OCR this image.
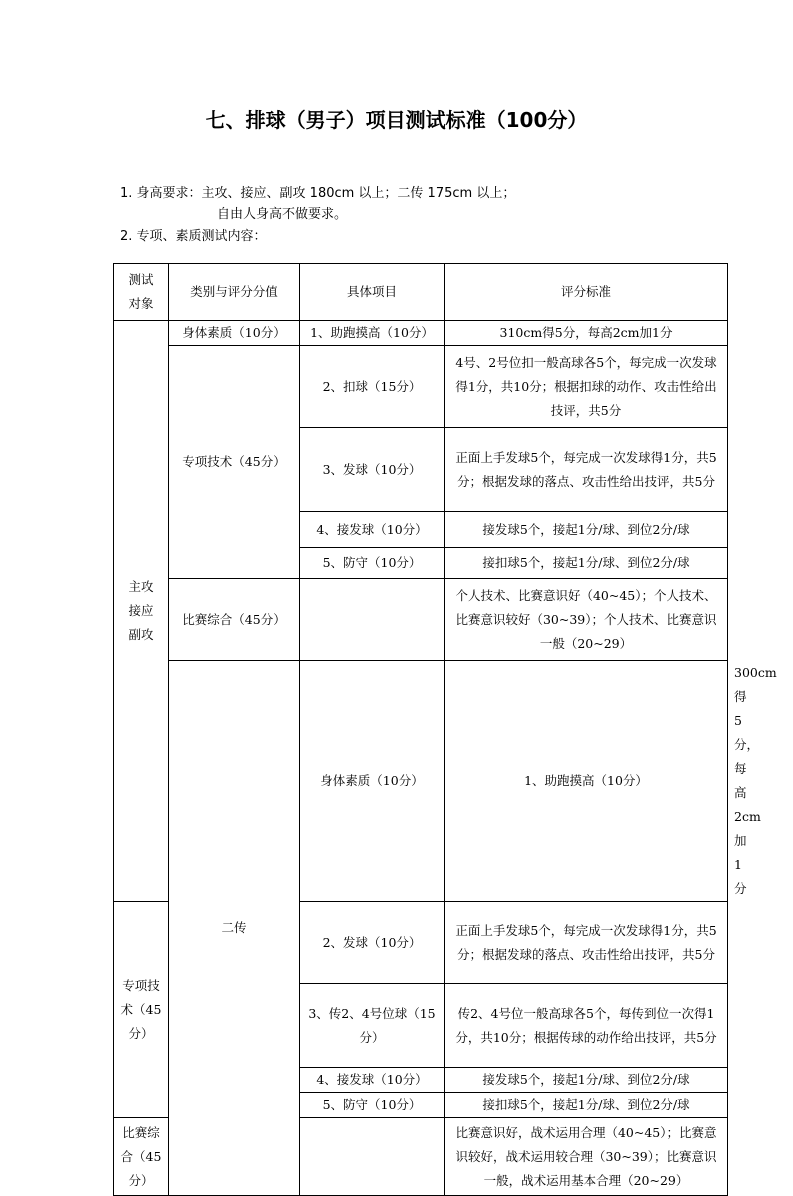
七、排球（男子）项目测试标准（100分）
1. 身高要求：主攻、接应、副攻 180cm 以上；二传 175cm 以上；
自由人身高不做要求。
2. 专项、素质测试内容：
测试
对象	类别与评分分值	具体项目	评分标准	
主攻
接应
副攻	身体素质（10分）	1、助跑摸高（10分）	310cm得5分，每高2cm加1分	
	专项技术（45分）	2、扣球（15分）	4号、2号位扣一般高球各5个，每完成一次发球得1分，共10分；根据扣球的动作、攻击性给出技评，共5分	
		3、发球（10分）	正面上手发球5个，每完成一次发球得1分，共5分；根据发球的落点、攻击性给出技评，共5分	
		4、接发球（10分）	接发球5个，接起1分/球、到位2分/球	
		5、防守（10分）	接扣球5个，接起1分/球、到位2分/球	
	比赛综合（45分）		个人技术、比赛意识好（40~45）；个人技术、比赛意识较好（30~39）；个人技术、比赛意识一般（20~29）	
	二传	身体素质（10分）	1、助跑摸高（10分）	300cm得5分，每高2cm加1分
专项技术（45分）		2、发球（10分）	正面上手发球5个，每完成一次发球得1分，共5分；根据发球的落点、攻击性给出技评，共5分	
		3、传2、4号位球（15分）	传2、4号位一般高球各5个，每传到位一次得1分，共10分；根据传球的动作给出技评，共5分	
		4、接发球（10分）	接发球5个，接起1分/球、到位2分/球	
		5、防守（10分）	接扣球5个，接起1分/球、到位2分/球	
比赛综合（45分）			比赛意识好，战术运用合理（40~45）；比赛意识较好，战术运用较合理（30~39）；比赛意识一般，战术运用基本合理（20~29）	
